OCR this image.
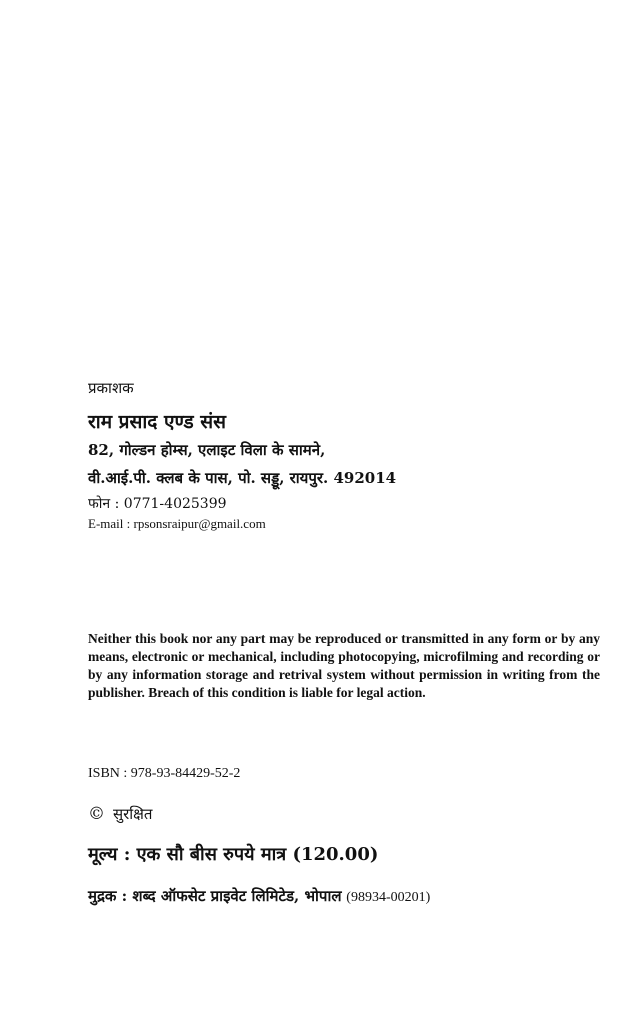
प्रकाशक
राम प्रसाद एण्ड संस
82, गोल्डन होम्स, एलाइट विला के सामने,
वी.आई.पी. क्लब के पास, पो. सड्डू, रायपुर. 492014
फोन : 0771-4025399
E-mail : rpsonsraipur@gmail.com
Neither this book nor any part may be reproduced or transmitted in any form or by any means, electronic or mechanical, including photocopying, microfilming and recording or by any information storage and retrival system without permission in writing from the publisher. Breach of this condition is liable for legal action.
ISBN : 978-93-84429-52-2
© सुरक्षित
मूल्य : एक सौ बीस रुपये मात्र (120.00)
मुद्रक : शब्द ऑफसेट प्राइवेट लिमिटेड, भोपाल (98934-00201)
